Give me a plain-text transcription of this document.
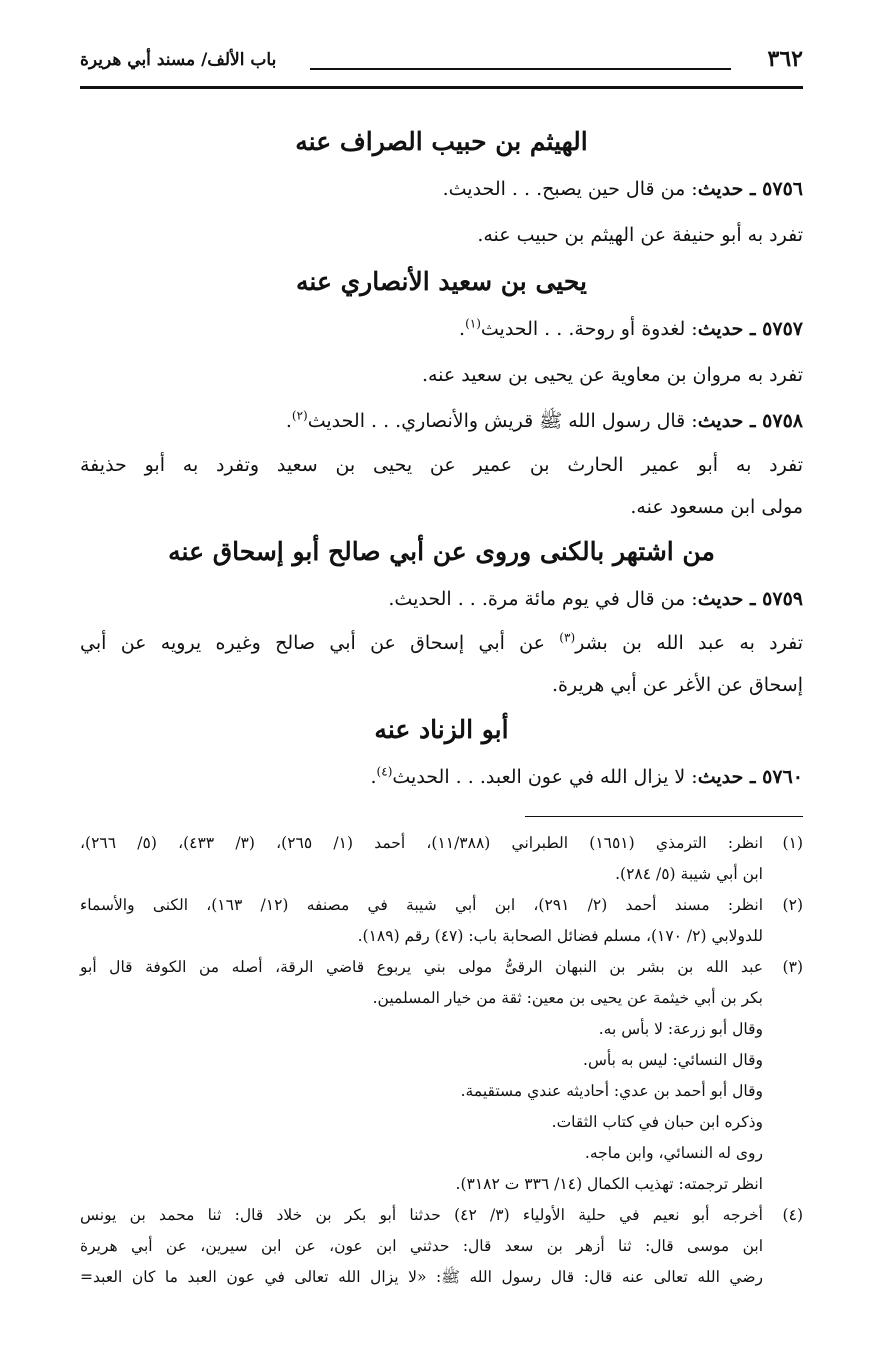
٣٦٢
باب الألف/ مسند أبي هريرة
الهيثم بن حبيب الصراف عنه

٥٧٥٦ ـ حديث: من قال حين يصبح. . . الحديث.

تفرد به أبو حنيفة عن الهيثم بن حبيب عنه.

يحيى بن سعيد الأنصاري عنه

٥٧٥٧ ـ حديث: لغدوة أو روحة. . . الحديث$^{(١)}$.

تفرد به مروان بن معاوية عن يحيى بن سعيد عنه.

٥٧٥٨ ـ حديث: قال رسول الله ﷺ قريش والأنصاري. . . الحديث$^{(٢)}$.

تفرد به أبو عمير الحارث بن عمير عن يحيى بن سعيد وتفرد به أبو حذيفة

مولى ابن مسعود عنه.

من اشتهر بالكنى وروى عن أبي صالح أبو إسحاق عنه

٥٧٥٩ ـ حديث: من قال في يوم مائة مرة. . . الحديث.

تفرد به عبد الله بن بشر$^{(٣)}$ عن أبي إسحاق عن أبي صالح وغيره يرويه عن أبي

إسحاق عن الأغر عن أبي هريرة.

أبو الزناد عنه

٥٧٦٠ ـ حديث: لا يزال الله في عون العبد. . . الحديث$^{(٤)}$.

(١)

انظر: الترمذي (١٦٥١) الطبراني (١١/٣٨٨)، أحمد (١/ ٢٦٥)، (٣/ ٤٣٣)، (٥/ ٢٦٦)،

ابن أبي شيبة (٥/ ٢٨٤).

(٢)

انظر: مسند أحمد (٢/ ٢٩١)، ابن أبي شيبة في مصنفه (١٢/ ١٦٣)، الكنى والأسماء

للدولابي (٢/ ١٧٠)، مسلم فضائل الصحابة باب: (٤٧) رقم (١٨٩).

(٣)

عبد الله بن بشر بن النبهان الرقىُّ مولى بني يربوع قاضي الرقة، أصله من الكوفة قال أبو

بكر بن أبي خيثمة عن يحيى بن معين: ثقة من خيار المسلمين.

وقال أبو زرعة: لا بأس به.

وقال النسائي: ليس به بأس.

وقال أبو أحمد بن عدي: أحاديثه عندي مستقيمة.

وذكره ابن حبان في كتاب الثقات.

روى له النسائي، وابن ماجه.

انظر ترجمته: تهذيب الكمال (١٤/ ٣٣٦ ت ٣١٨٢).

(٤)

أخرجه أبو نعيم في حلية الأولياء (٣/ ٤٢) حدثنا أبو بكر بن خلاد قال: ثنا محمد بن يونس

ابن موسى قال: ثنا أزهر بن سعد قال: حدثني ابن عون، عن ابن سيرين، عن أبي هريرة

رضي الله تعالى عنه قال: قال رسول الله ﷺ: «لا يزال الله تعالى في عون العبد ما كان العبد=
